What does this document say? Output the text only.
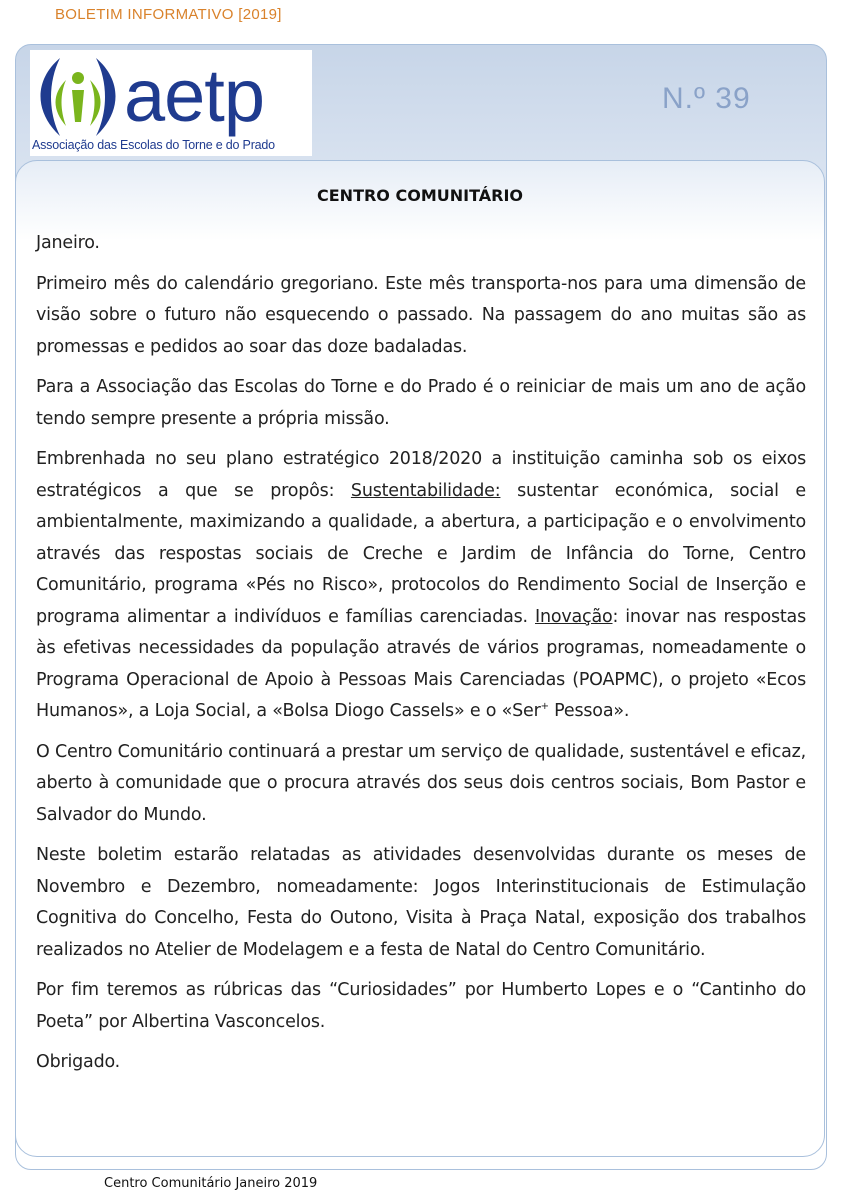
BOLETIM INFORMATIVO [2019]
aetp
Associação das Escolas do Torne e do Prado
N.º 39
CENTRO COMUNITÁRIO

Janeiro.

Primeiro mês do calendário gregoriano. Este mês transporta-nos para uma dimensão de visão sobre o futuro não esquecendo o passado. Na passagem do ano muitas são as promessas e pedidos ao soar das doze badaladas.

Para a Associação das Escolas do Torne e do Prado é o reiniciar de mais um ano de ação tendo sempre presente a própria missão.

Embrenhada no seu plano estratégico 2018/2020 a instituição caminha sob os eixos estratégicos a que se propôs: Sustentabilidade: sustentar económica, social e ambientalmente, maximizando a qualidade, a abertura, a participação e o envolvimento através das respostas sociais de Creche e Jardim de Infância do Torne, Centro Comunitário, programa «Pés no Risco», protocolos do Rendimento Social de Inserção e programa alimentar a indivíduos e famílias carenciadas. Inovação: inovar nas respostas às efetivas necessidades da população através de vários programas, nomeadamente o Programa Operacional de Apoio à Pessoas Mais Carenciadas (POAPMC), o projeto «Ecos Humanos», a Loja Social, a «Bolsa Diogo Cassels» e o «Ser+ Pessoa».

O Centro Comunitário continuará a prestar um serviço de qualidade, sustentável e eficaz, aberto à comunidade que o procura através dos seus dois centros sociais, Bom Pastor e Salvador do Mundo.

Neste boletim estarão relatadas as atividades desenvolvidas durante os meses de Novembro e Dezembro, nomeadamente: Jogos Interinstitucionais de Estimulação Cognitiva do Concelho, Festa do Outono, Visita à Praça Natal, exposição dos trabalhos realizados no Atelier de Modelagem e a festa de Natal do Centro Comunitário.

Por fim teremos as rúbricas das “Curiosidades” por Humberto Lopes e o “Cantinho do Poeta” por Albertina Vasconcelos.

Obrigado.

Centro Comunitário Janeiro 2019
